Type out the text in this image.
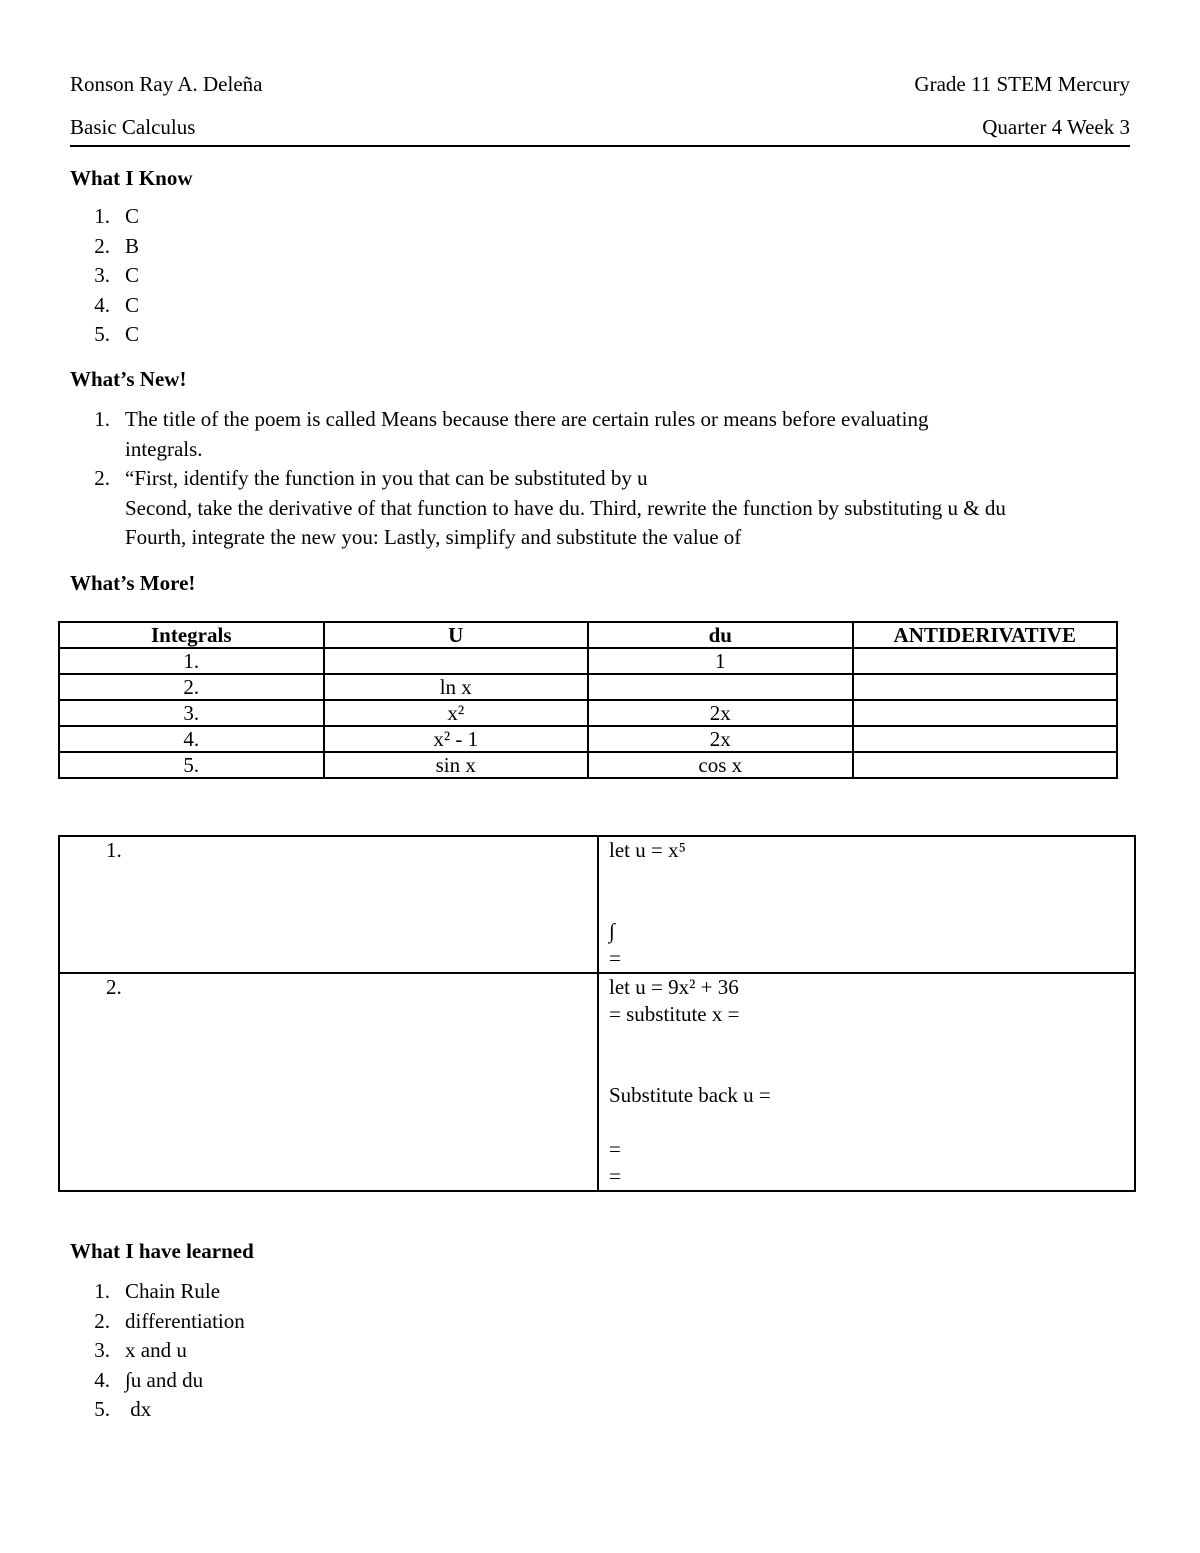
Ronson Ray A. Deleña	Grade 11 STEM Mercury
Basic Calculus	Quarter 4 Week 3
What I Know
1. C
2. B
3. C
4. C
5. C
What’s New!
1. The title of the poem is called Means because there are certain rules or means before evaluating
integrals.
2. “First, identify the function in you that can be substituted by u
Second, take the derivative of that function to have du. Third, rewrite the function by substituting u & du
Fourth, integrate the new you: Lastly, simplify and substitute the value of
What’s More!
Integrals	U	du	ANTIDERIVATIVE
1.		1	
2.	ln x		
3.	x²	2x	
4.	x² - 1	2x	
5.	sin x	cos x	
1.	let u = x⁵
∫
=

2.	let u = 9x² + 36
= substitute x =
Substitute back u =
=
=
What I have learned
1. Chain Rule
2. differentiation
3. x and u
4. ∫u and du
5. dx
